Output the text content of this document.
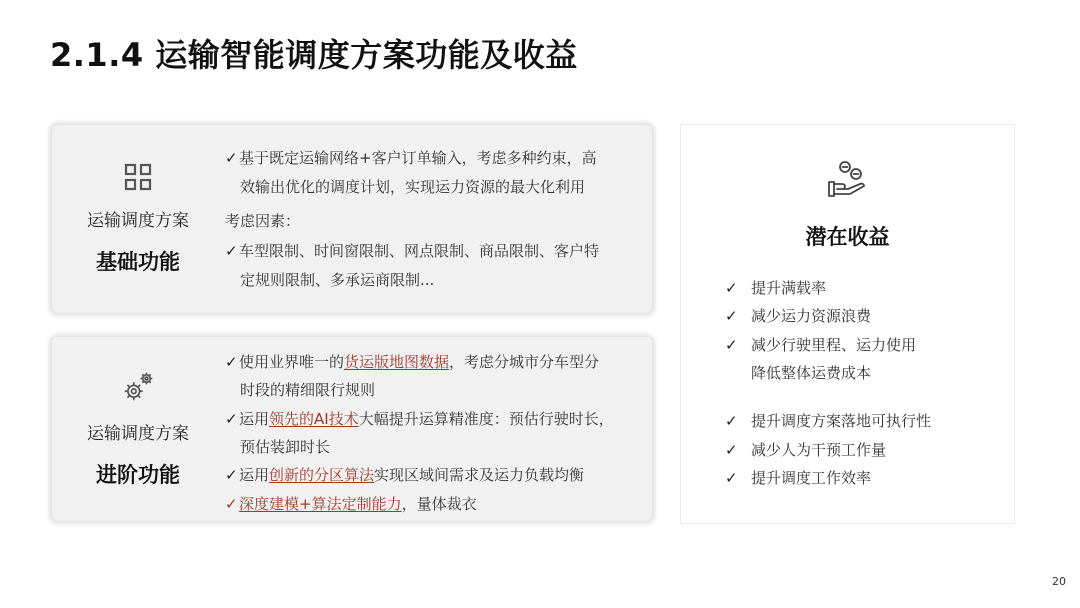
2.1.4 运输智能调度方案功能及收益
运输调度方案
基础功能
✓基于既定运输网络+客户订单输入，考虑多种约束，高
效输出优化的调度计划，实现运力资源的最大化利用
考虑因素：
✓车型限制、时间窗限制、网点限制、商品限制、客户特
定规则限制、多承运商限制...
运输调度方案
进阶功能
✓使用业界唯一的货运版地图数据，考虑分城市分车型分
时段的精细限行规则
✓运用领先的AI技术大幅提升运算精准度：预估行驶时长，
预估装卸时长
✓运用创新的分区算法实现区域间需求及运力负载均衡
✓深度建模+算法定制能力，量体裁衣
潜在收益
✓ 提升满载率
✓ 减少运力资源浪费
✓ 减少行驶里程、运力使用
降低整体运费成本
✓ 提升调度方案落地可执行性
✓ 减少人为干预工作量
✓ 提升调度工作效率
20
